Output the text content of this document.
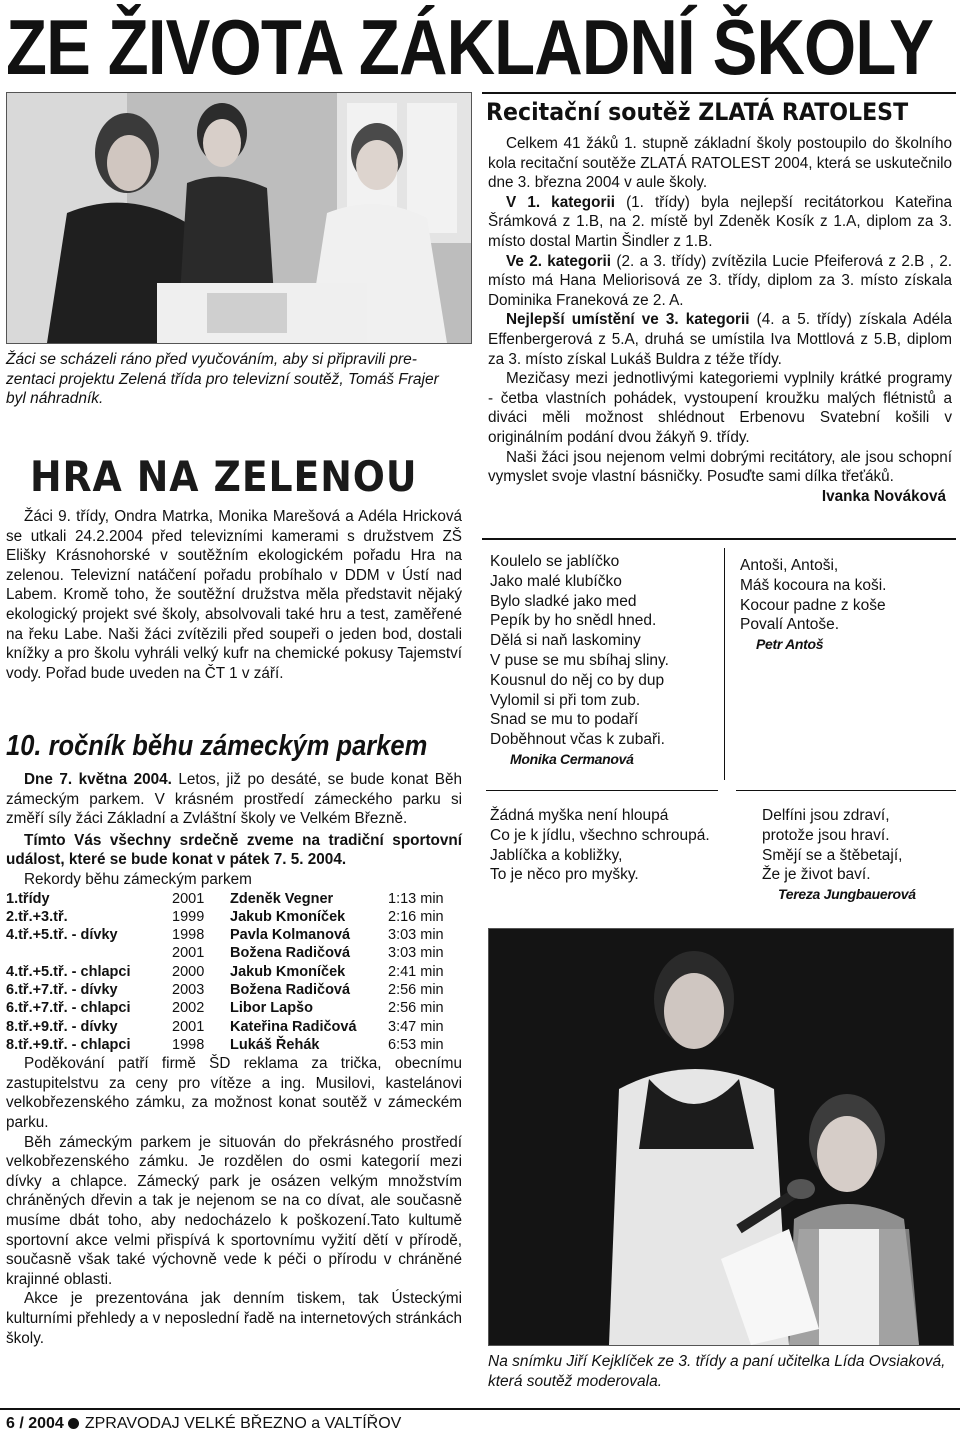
ZE ŽIVOTA ZÁKLADNÍ ŠKOLY
Žáci se scházeli ráno před vyučováním, aby si připravili pre-zentaci projektu Zelená třída pro televizní soutěž, Tomáš Frajer byl náhradník.
HRA NA ZELENOU

Žáci 9. třídy, Ondra Matrka, Monika Marešová a Adéla Hricková se utkali 24.2.2004 před televizními kamerami s družstvem ZŠ Elišky Krásnohorské v soutěžním ekologickém pořadu Hra na zelenou. Televizní natáčení pořadu probíhalo v DDM v Ústí nad Labem. Kromě toho, že soutěžní družstva měla představit nějaký ekologický projekt své školy, absolvovali také hru a test, zaměřené na řeku Labe. Naši žáci zvítězili před soupeři o jeden bod, dostali knížky a pro školu vyhráli velký kufr na chemické pokusy Tajemství vody. Pořad bude uveden na ČT 1 v září.

10. ročník běhu zámeckým parkem

Dne 7. května 2004. Letos, již po desáté, se bude konat Běh zámeckým parkem. V krásném prostředí zámeckého parku si změří síly žáci Základní a Zvláštní školy ve Velkém Březně.

Tímto Vás všechny srdečně zveme na tradiční sportovní událost, které se bude konat v pátek 7. 5. 2004.

Rekordy běhu zámeckým parkem

1.třídy	2001	Zdeněk Vegner	1:13 min
2.tř.+3.tř.	1999	Jakub Kmoníček	2:16 min
4.tř.+5.tř. - dívky	1998	Pavla Kolmanová	3:03 min
	2001	Božena Radičová	3:03 min
4.tř.+5.tř. - chlapci	2000	Jakub Kmoníček	2:41 min
6.tř.+7.tř. - dívky	2003	Božena Radičová	2:56 min
6.tř.+7.tř. - chlapci	2002	Libor Lapšo	2:56 min
8.tř.+9.tř. - dívky	2001	Kateřina Radičová	3:47 min
8.tř.+9.tř. - chlapci	1998	Lukáš Řehák	6:53 min

Poděkování patří firmě ŠD reklama za trička, obecnímu zastupitelstvu za ceny pro vítěze a ing. Musilovi, kastelánovi velkobřezenského zámku, za možnost konat soutěž v zámeckém parku.

Běh zámeckým parkem je situován do překrásného prostředí velkobřezenského zámku. Je rozdělen do osmi kategorií mezi dívky a chlapce. Zámecký park je osázen velkým množstvím chráněných dřevin a tak je nejenom se na co dívat, ale současně musíme dbát toho, aby nedocházelo k poškození.Tato kultumě sportovní akce velmi přispívá k sportovnímu vyžití dětí v přírodě, současně však také výchovně vede k péči o přírodu v chráněné krajinné oblasti.

Akce je prezentována jak denním tiskem, tak Ústeckými kulturními přehledy a v neposlední řadě na internetových stránkách školy.

Recitační soutěž ZLATÁ RATOLEST

Celkem 41 žáků 1. stupně základní školy postoupilo do školního kola recitační soutěže ZLATÁ RATOLEST 2004, která se uskutečnilo dne 3. března 2004 v aule školy.

V 1. kategorii (1. třídy) byla nejlepší recitátorkou Kateřina Šrámková z 1.B, na 2. místě byl Zdeněk Kosík z 1.A, diplom za 3. místo dostal Martin Šindler z 1.B.

Ve 2. kategorii (2. a 3. třídy) zvítězila Lucie Pfeiferová z 2.B , 2. místo má Hana Meliorisová ze 3. třídy, diplom za 3. místo získala Dominika Franeková ze 2. A.

Nejlepší umístění ve 3. kategorii (4. a 5. třídy) získala Adéla Effenbergerová z 5.A, druhá se umístila Iva Mottlová z 5.B, diplom za 3. místo získal Lukáš Buldra z téže třídy.

Mezičasy mezi jednotlivými kategoriemi vyplnily krátké programy - četba vlastních pohádek, vystoupení kroužku malých flétnistů a diváci měli možnost shlédnout Erbenovu Svatební košili v originálním podání dvou žákyň 9. třídy.

Naši žáci jsou nejenom velmi dobrými recitátory, ale jsou schopní vymyslet svoje vlastní básničky. Posuďte sami dílka třeťáků.
Ivanka Nováková

Koulelo se jablíčko
Jako malé klubíčko
Bylo sladké jako med
Pepík by ho snědl hned.
Dělá si naň laskominy
V puse se mu sbíhaj sliny.
Kousnul do něj co by dup
Vylomil si při tom zub.
Snad se mu to podaří
Doběhnout včas k zubaři.
Monika Cermanová
Antoši, Antoši,
Máš kocoura na koši.
Kocour padne z koše
Povalí Antoše.
Petr Antoš
Žádná myška není hloupá
Co je k jídlu, všechno schroupá.
Jablíčka a kobližky,
To je něco pro myšky.
Delfíni jsou zdraví,
protože jsou hraví.
Smějí se a štěbetají,
Že je život baví.
Tereza Jungbauerová
Na snímku Jiří Kejklíček ze 3. třídy a paní učitelka Lída Ovsiaková, která soutěž moderovala.
6 / 2004 ZPRAVODAJ VELKÉ BŘEZNO a VALTÍŘOV
